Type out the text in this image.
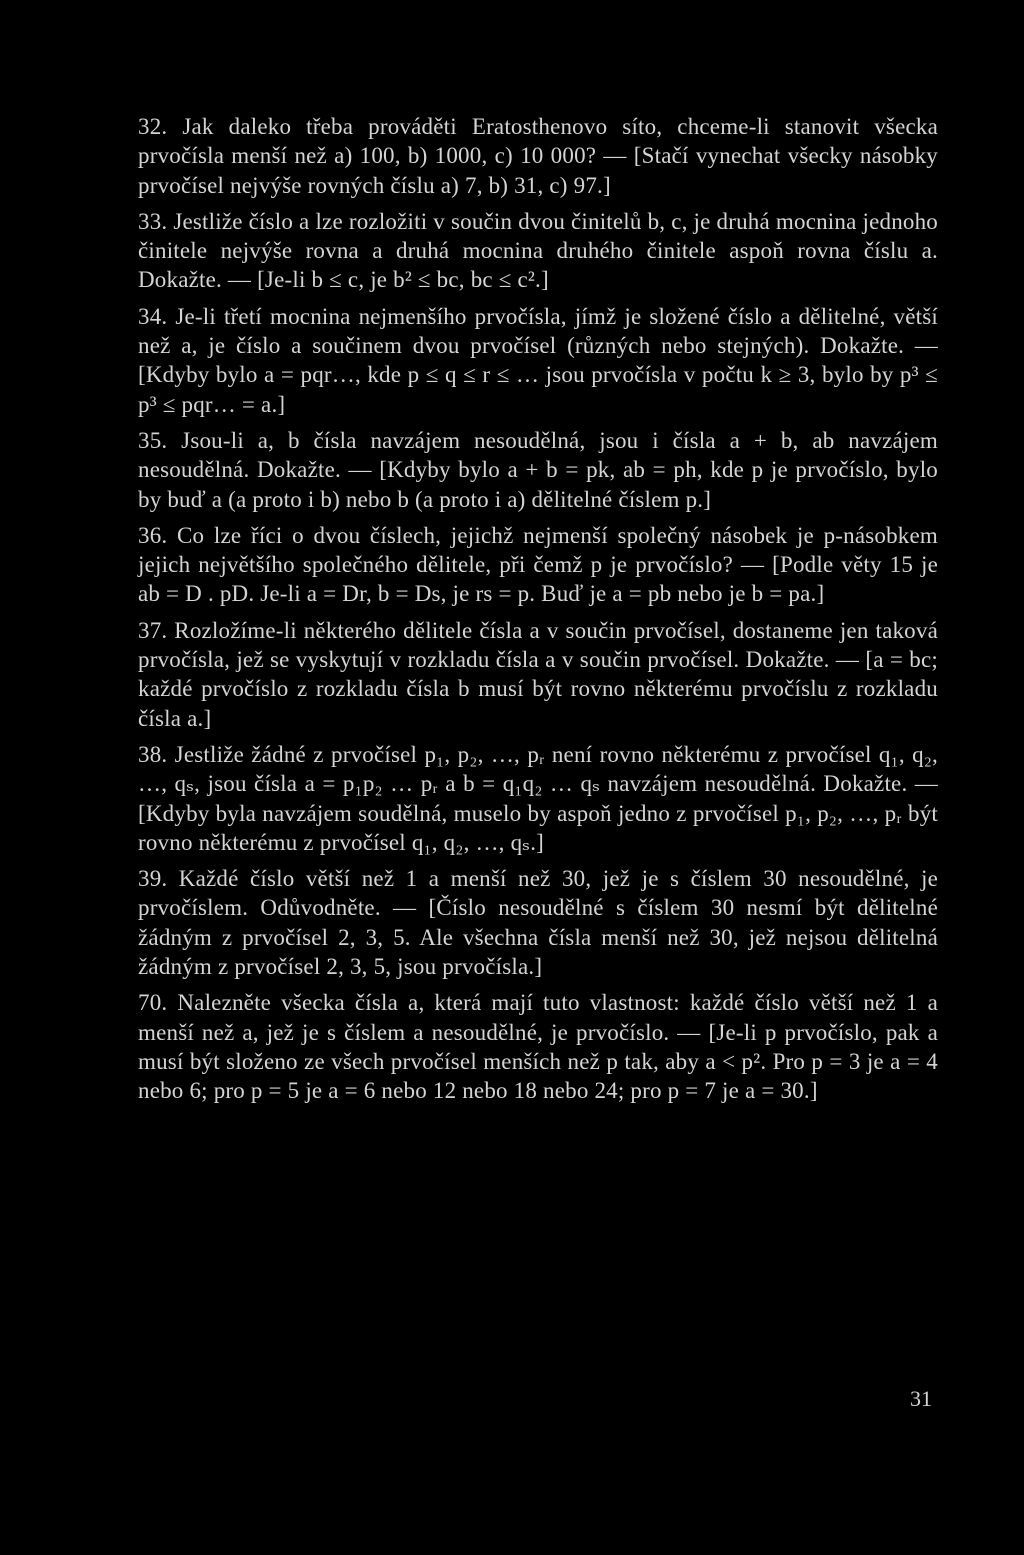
32. Jak daleko třeba prováděti Eratosthenovo síto, chceme-li stanovit všecka prvočísla menší než a) 100, b) 1000, c) 10 000? — [Stačí vynechat všecky násobky prvočísel nejvýše rovných číslu a) 7, b) 31, c) 97.]

33. Jestliže číslo a lze rozložiti v součin dvou činitelů b, c, je druhá mocnina jednoho činitele nejvýše rovna a druhá mocnina druhého činitele aspoň rovna číslu a. Dokažte. — [Je-li b ≤ c, je b² ≤ bc, bc ≤ c².]

34. Je-li třetí mocnina nejmenšího prvočísla, jímž je složené číslo a dělitelné, větší než a, je číslo a součinem dvou prvočísel (různých nebo stejných). Dokažte. — [Kdyby bylo a = pqr…, kde p ≤ q ≤ r ≤ … jsou prvočísla v počtu k ≥ 3, bylo by p³ ≤ p³ ≤ pqr… = a.]

35. Jsou-li a, b čísla navzájem nesoudělná, jsou i čísla a + b, ab navzájem nesoudělná. Dokažte. — [Kdyby bylo a + b = pk, ab = ph, kde p je prvočíslo, bylo by buď a (a proto i b) nebo b (a proto i a) dělitelné číslem p.]

36. Co lze říci o dvou číslech, jejichž nejmenší společný násobek je p-násobkem jejich největšího společného dělitele, při čemž p je prvočíslo? — [Podle věty 15 je ab = D . pD. Je-li a = Dr, b = Ds, je rs = p. Buď je a = pb nebo je b = pa.]

37. Rozložíme-li některého dělitele čísla a v součin prvočísel, dostaneme jen taková prvočísla, jež se vyskytují v rozkladu čísla a v součin prvočísel. Dokažte. — [a = bc; každé prvočíslo z rozkladu čísla b musí být rovno některému prvočíslu z rozkladu čísla a.]

38. Jestliže žádné z prvočísel p₁, p₂, …, pᵣ není rovno některému z prvočísel q₁, q₂, …, qₛ, jsou čísla a = p₁p₂ … pᵣ a b = q₁q₂ … qₛ navzájem nesoudělná. Dokažte. — [Kdyby byla navzájem soudělná, muselo by aspoň jedno z prvočísel p₁, p₂, …, pᵣ být rovno některému z prvočísel q₁, q₂, …, qₛ.]

39. Každé číslo větší než 1 a menší než 30, jež je s číslem 30 nesoudělné, je prvočíslem. Odůvodněte. — [Číslo nesoudělné s číslem 30 nesmí být dělitelné žádným z prvočísel 2, 3, 5. Ale všechna čísla menší než 30, jež nejsou dělitelná žádným z prvočísel 2, 3, 5, jsou prvočísla.]

70. Nalezněte všecka čísla a, která mají tuto vlastnost: každé číslo větší než 1 a menší než a, jež je s číslem a nesoudělné, je prvočíslo. — [Je-li p prvočíslo, pak a musí být složeno ze všech prvočísel menších než p tak, aby a < p². Pro p = 3 je a = 4 nebo 6; pro p = 5 je a = 6 nebo 12 nebo 18 nebo 24; pro p = 7 je a = 30.]

31
